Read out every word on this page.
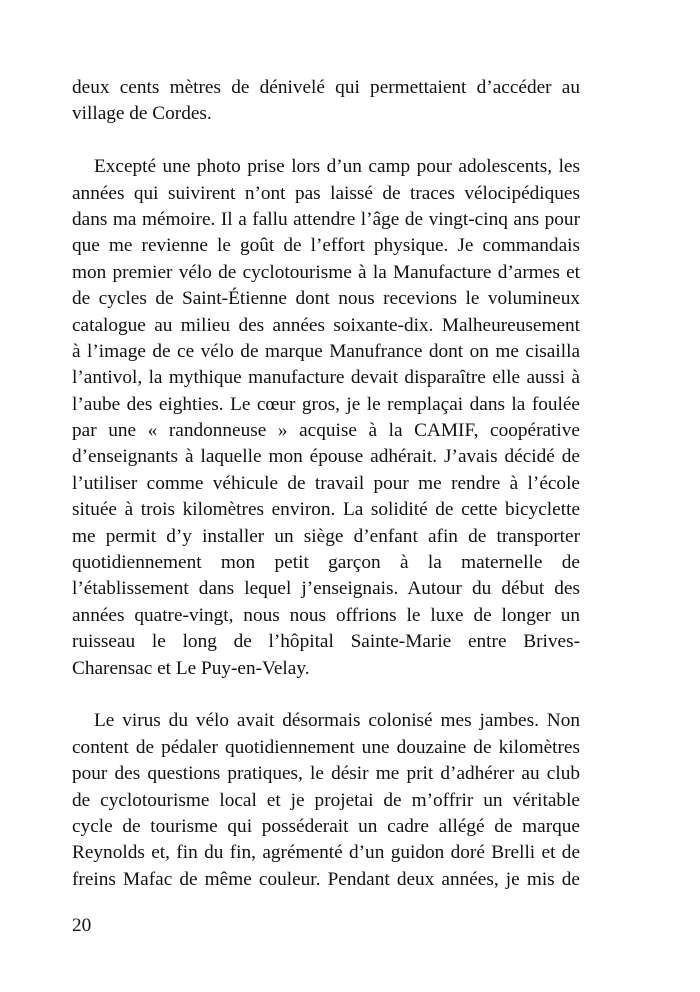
deux cents mètres de dénivelé qui permettaient d’accéder au
village de Cordes.
Excepté une photo prise lors d’un camp pour adolescents, les
années qui suivirent n’ont pas laissé de traces vélocipédiques
dans ma mémoire. Il a fallu attendre l’âge de vingt-cinq ans pour
que me revienne le goût de l’effort physique. Je commandais
mon premier vélo de cyclotourisme à la Manufacture d’armes et
de cycles de Saint-Étienne dont nous recevions le volumineux
catalogue au milieu des années soixante-dix. Malheureusement
à l’image de ce vélo de marque Manufrance dont on me cisailla
l’antivol, la mythique manufacture devait disparaître elle aussi à
l’aube des eighties. Le cœur gros, je le remplaçai dans la foulée
par une « randonneuse » acquise à la CAMIF, coopérative
d’enseignants à laquelle mon épouse adhérait. J’avais décidé de
l’utiliser comme véhicule de travail pour me rendre à l’école
située à trois kilomètres environ. La solidité de cette bicyclette
me permit d’y installer un siège d’enfant afin de transporter
quotidiennement mon petit garçon à la maternelle de
l’établissement dans lequel j’enseignais. Autour du début des
années quatre-vingt, nous nous offrions le luxe de longer un
ruisseau le long de l’hôpital Sainte-Marie entre Brives-
Charensac et Le Puy-en-Velay.
Le virus du vélo avait désormais colonisé mes jambes. Non
content de pédaler quotidiennement une douzaine de kilomètres
pour des questions pratiques, le désir me prit d’adhérer au club
de cyclotourisme local et je projetai de m’offrir un véritable
cycle de tourisme qui posséderait un cadre allégé de marque
Reynolds et, fin du fin, agrémenté d’un guidon doré Brelli et de
freins Mafac de même couleur. Pendant deux années, je mis de
20
